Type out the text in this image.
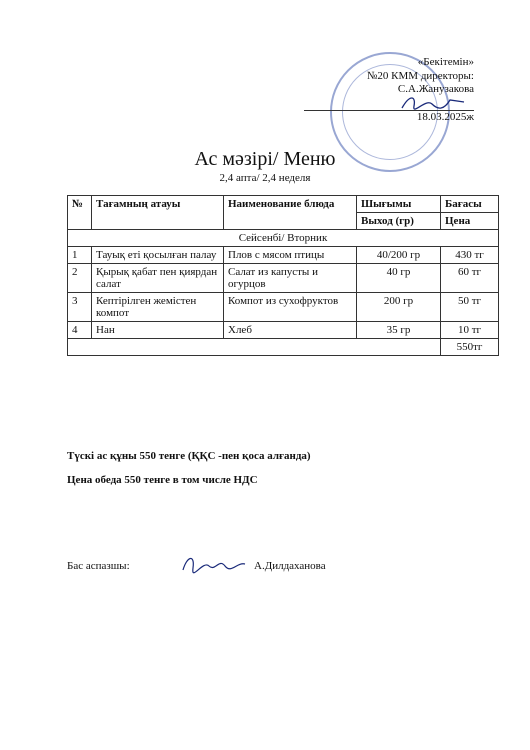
«Бекітемін»
№20 КММ директоры:
С.А.Жанузакова

18.03.2025ж
Ас мәзірі/ Меню
2,4 апта/ 2,4 неделя
№	Тағамның атауы	Наименование блюда	Шығымы	Бағасы
			Выход (гр)	Цена
Сейсенбі/ Вторник				
1	Тауық еті қосылған палау	Плов с мясом птицы	40/200 гр	430 тг
2	Қырық қабат пен қиярдан салат	Салат из капусты и огурцов	40 гр	60 тг
3	Кептірілген жемістен компот	Компот из сухофруктов	200 гр	50 тг
4	Нан	Хлеб	35 гр	10 тг
				550тг
Түскі ас құны 550 тенге (ҚҚС -пен қоса алғанда)
Цена обеда 550 тенге в том числе НДС
Бас аспазшы:	А.Дилдаханова
